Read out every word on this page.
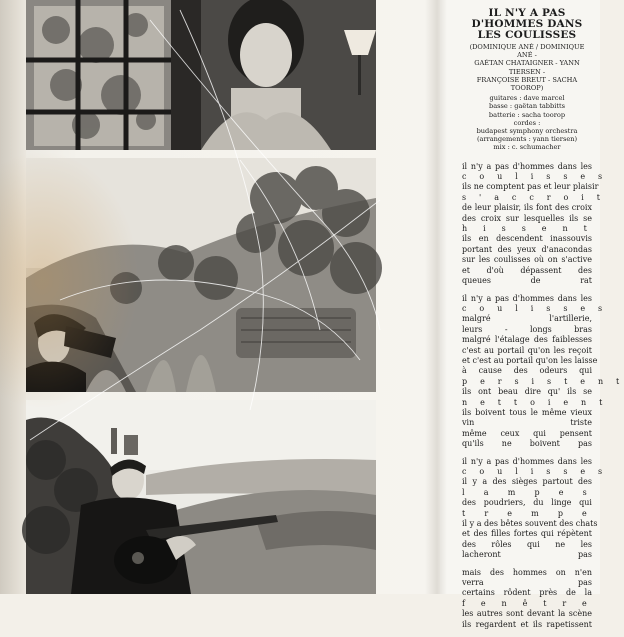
IL N'Y A PAS
D'HOMMES DANS
LES COULISSES
(DOMINIQUE ANÉ / DOMINIQUE ANÉ -
GAÉTAN CHATAIGNER - YANN TIERSEN -
FRANÇOISE BREUT - SACHA TOOROP)
guitares : dave marcel
basse : gaëtan tabbitts
batterie : sacha toorop
cordes :
budapest symphony orchestra
(arrangements : yann tiersen)
mix : c. schumacher
il n'y a pas d'hommes dans les
c o u l i s s e s
ils ne comptent pas et leur plaisir
s ' a c c r o i t
de leur plaisir, ils font des croix
des croix sur lesquelles ils se
h i s s e n t
ils en descendent inassouvis
portant des yeux d'anacondas
sur les coulisses où on s'active
et d'où dépassent des
queues de rat
il n'y a pas d'hommes dans les
c o u l i s s e s
malgré l'artillerie,
leurs - longs bras
malgré l'étalage des faiblesses
c'est au portail qu'on les reçoit
et c'est au portail qu'on les laisse
à cause des odeurs qui
p e r s i s t e n t
ils ont beau dire qu' ils se
n e t t o i e n t
ils boivent tous le même vieux
vin triste
même ceux qui pensent
qu'ils ne boivent pas
il n'y a pas d'hommes dans les
c o u l i s s e s
il y a des sièges partout des
l a m p e s
des poudriers, du linge qui
t r e m p e
il y a des bêtes souvent des chats
et des filles fortes qui répètent
des rôles qui ne les
lacheront pas
mais des hommes on n'en
verra pas
certains rôdent près de la
f e n ê t r e
les autres sont devant la scène
ils regardent et ils rapetissent
